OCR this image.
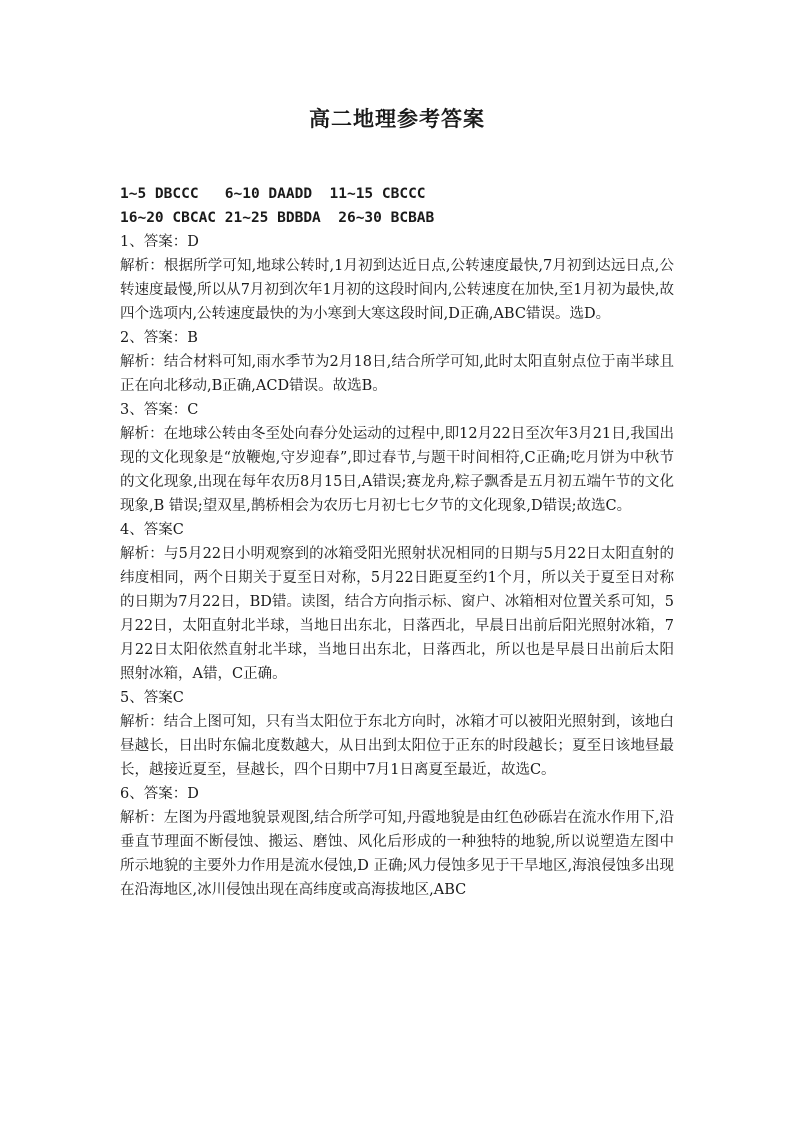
高二地理参考答案

1~5 DBCCC   6~10 DAADD  11~15 CBCCC

16~20 CBCAC 21~25 BDBDA  26~30 BCBAB

1、答案：D

解析：根据所学可知,地球公转时,1月初到达近日点,公转速度最快,7月初到达远日点,公转速度最慢,所以从7月初到次年1月初的这段时间内,公转速度在加快,至1月初为最快,故四个选项内,公转速度最快的为小寒到大寒这段时间,D正确,ABC错误。选D。

2、答案：B

解析：结合材料可知,雨水季节为2月18日,结合所学可知,此时太阳直射点位于南半球且正在向北移动,B正确,ACD错误。故选B。

3、答案：C

解析：在地球公转由冬至处向春分处运动的过程中,即12月22日至次年3月21日,我国出现的文化现象是“放鞭炮,守岁迎春”,即过春节,与题干时间相符,C正确;吃月饼为中秋节的文化现象,出现在每年农历8月15日,A错误;赛龙舟,粽子飘香是五月初五端午节的文化现象,B 错误;望双星,鹊桥相会为农历七月初七七夕节的文化现象,D错误;故选C。

4、答案C

解析：与5月22日小明观察到的冰箱受阳光照射状况相同的日期与5月22日太阳直射的纬度相同，两个日期关于夏至日对称，5月22日距夏至约1个月，所以关于夏至日对称的日期为7月22日，BD错。读图，结合方向指示标、窗户、冰箱相对位置关系可知，5月22日，太阳直射北半球，当地日出东北，日落西北，早晨日出前后阳光照射冰箱，7月22日太阳依然直射北半球，当地日出东北，日落西北，所以也是早晨日出前后太阳照射冰箱，A错，C正确。

5、答案C

解析：结合上图可知，只有当太阳位于东北方向时，冰箱才可以被阳光照射到，该地白昼越长，日出时东偏北度数越大，从日出到太阳位于正东的时段越长；夏至日该地昼最长，越接近夏至，昼越长，四个日期中7月1日离夏至最近，故选C。

6、答案：D

解析：左图为丹霞地貌景观图,结合所学可知,丹霞地貌是由红色砂砾岩在流水作用下,沿垂直节理面不断侵蚀、搬运、磨蚀、风化后形成的一种独特的地貌,所以说塑造左图中所示地貌的主要外力作用是流水侵蚀,D 正确;风力侵蚀多见于干旱地区,海浪侵蚀多出现在沿海地区,冰川侵蚀出现在高纬度或高海拔地区,ABC
